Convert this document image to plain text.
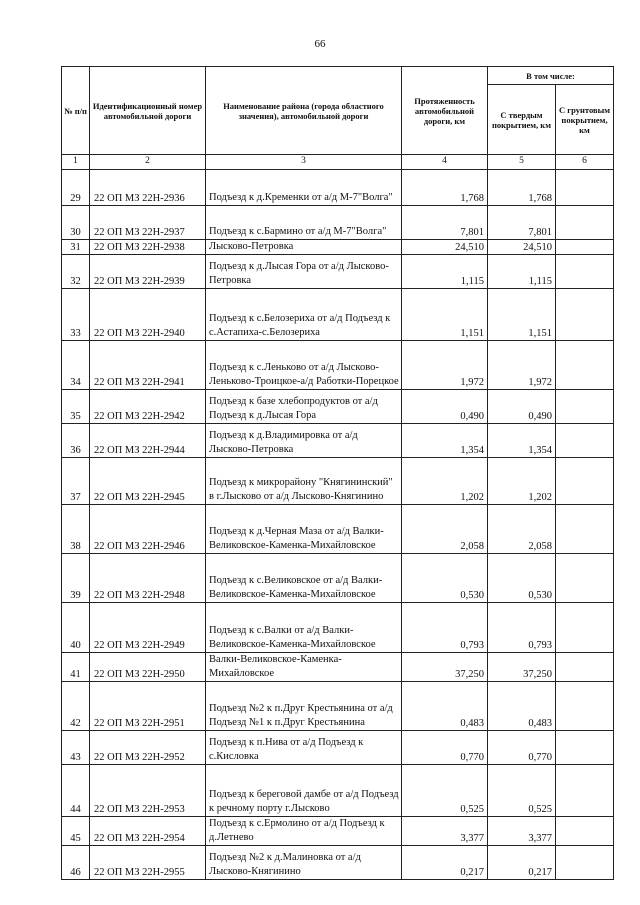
66
№ п/п	Идентификационный номер автомобильной дороги	Наименование района (города областного значения), автомобильной дороги	Протяженность автомобильной дороги, км	В том числе:	
				С твердым покрытием, км	С грунтовым покрытием, км
1	2	3	4	5	6
29	22 ОП МЗ 22Н-2936	Подъезд к д.Кременки от а/д М-7"Волга"	1,768	1,768	
30	22 ОП МЗ 22Н-2937	Подъезд к с.Бармино от а/д М-7"Волга"	7,801	7,801	
31	22 ОП МЗ 22Н-2938	Лысково-Петровка	24,510	24,510	
32	22 ОП МЗ 22Н-2939	Подъезд к д.Лысая Гора от а/д Лысково-Петровка	1,115	1,115	
33	22 ОП МЗ 22Н-2940	Подъезд к с.Белозериха от а/д Подъезд к с.Астапиха-с.Белозериха	1,151	1,151	
34	22 ОП МЗ 22Н-2941	Подъезд к с.Леньково от а/д Лысково-Леньково-Троицкое-а/д Работки-Порецкое	1,972	1,972	
35	22 ОП МЗ 22Н-2942	Подъезд к базе хлебопродуктов от а/д Подъезд к д.Лысая Гора	0,490	0,490	
36	22 ОП МЗ 22Н-2944	Подъезд к д.Владимировка от а/д Лысково-Петровка	1,354	1,354	
37	22 ОП МЗ 22Н-2945	Подъезд к микрорайону "Княгининский" в г.Лысково от а/д Лысково-Княгинино	1,202	1,202	
38	22 ОП МЗ 22Н-2946	Подъезд к д.Черная Маза от а/д Валки-Великовское-Каменка-Михайловское	2,058	2,058	
39	22 ОП МЗ 22Н-2948	Подъезд к с.Великовское от а/д Валки-Великовское-Каменка-Михайловское	0,530	0,530	
40	22 ОП МЗ 22Н-2949	Подъезд к с.Валки от а/д Валки-Великовское-Каменка-Михайловское	0,793	0,793	
41	22 ОП МЗ 22Н-2950	Валки-Великовское-Каменка-Михайловское	37,250	37,250	
42	22 ОП МЗ 22Н-2951	Подъезд №2 к п.Друг Крестьянина от а/д Подъезд №1 к п.Друг Крестьянина	0,483	0,483	
43	22 ОП МЗ 22Н-2952	Подъезд к п.Нива от а/д Подъезд к с.Кисловка	0,770	0,770	
44	22 ОП МЗ 22Н-2953	Подъезд к береговой дамбе от а/д Подъезд к речному порту г.Лысково	0,525	0,525	
45	22 ОП МЗ 22Н-2954	Подъезд к с.Ермолино от а/д Подъезд к д.Летнево	3,377	3,377	
46	22 ОП МЗ 22Н-2955	Подъезд №2 к д.Малиновка от а/д Лысково-Княгинино	0,217	0,217	
